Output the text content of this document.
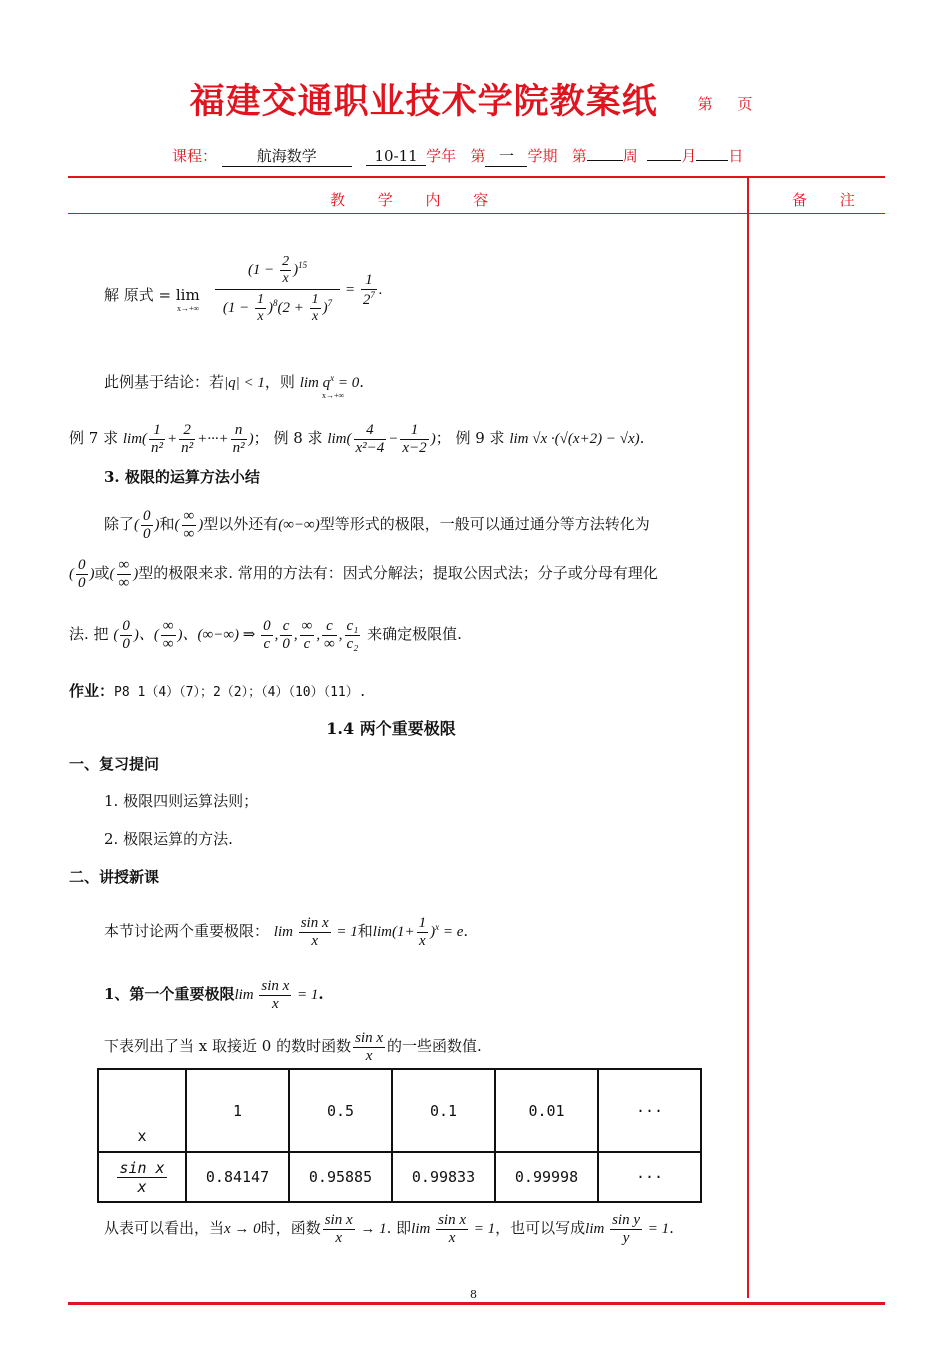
福建交通职业技术学院教案纸	第 页
课程：	航海数学	10-11 学年 第 一 学期 第 周	月 日
教 学 内 容	备 注
解 原式 = lim
x→+∞
$(1 - \frac{2}{x} )^{15}$
$(1 - \frac{1}{x} )^8(2 + \frac{1}{x} )^7$
= $\frac{1}{2^7}$ .
此例基于结论：若|q| < 1，则 $\lim q^x = 0$.
x→+∞
例 7 求 $\lim( \frac{1}{\text{n²}} + \frac{2}{\text{n²}}$ +···+ $\frac{n}{\text{n²}}$ )； 例 8 求 $\lim( \frac{4}{\text{x²−4}} - \frac{1}{x-2}$ )； 例 9 求 lim √x ·(√(x+2) − √x).
3. 极限的运算方法小结
除了( $\frac{0}{0}$ )和( $\frac{\infty}{\infty}$ )型以外还有(∞−∞)型等形式的极限，一般可以通过通分等方法转化为
( $\frac{0}{0}$ )或( $\frac{\infty}{\infty}$ )型的极限来求. 常用的方法有：因式分解法；提取公因式法；分子或分母有理化
法. 把 ( $\frac{0}{0}$ )、( $\frac{\infty}{\infty}$ )、(∞−∞) ⇒ $\frac{0}{c}$ , $\frac{c}{0}$ , $\frac{\infty}{c}$ , $\frac{c}{\infty}$ , $\frac{\text{c₁}}{\text{c₂}}$ 来确定极限值.
作业：P8 1（4）（7）；2（2）；（4）（10）（11）.
1.4 两个重要极限
一、复习提问
1. 极限四则运算法则；
2. 极限运算的方法.
二、讲授新课
本节讨论两个重要极限： $\lim \frac{\text{sin x}}{x} = 1$和$\lim(1+ \frac{1}{x} )^x = e$.
1、第一个重要极限$\lim \frac{\text{sin x}}{x} = 1$.
下表列出了当 x 取接近 0 的数时函数 $\frac{\text{sin x}}{x}$ 的一些函数值.
x	1	0.5	0.1	0.01	···

$\frac{\text{sin x}}{x}$	0.84147	0.95885	0.99833	0.99998	···
从表可以看出，当x → 0时，函数 $\frac{\text{sin x}}{x} \to 1$. 即$\lim \frac{\text{sin x}}{x} = 1$，也可以写成$\lim \frac{\text{sin y}}{y} = 1$.
8
